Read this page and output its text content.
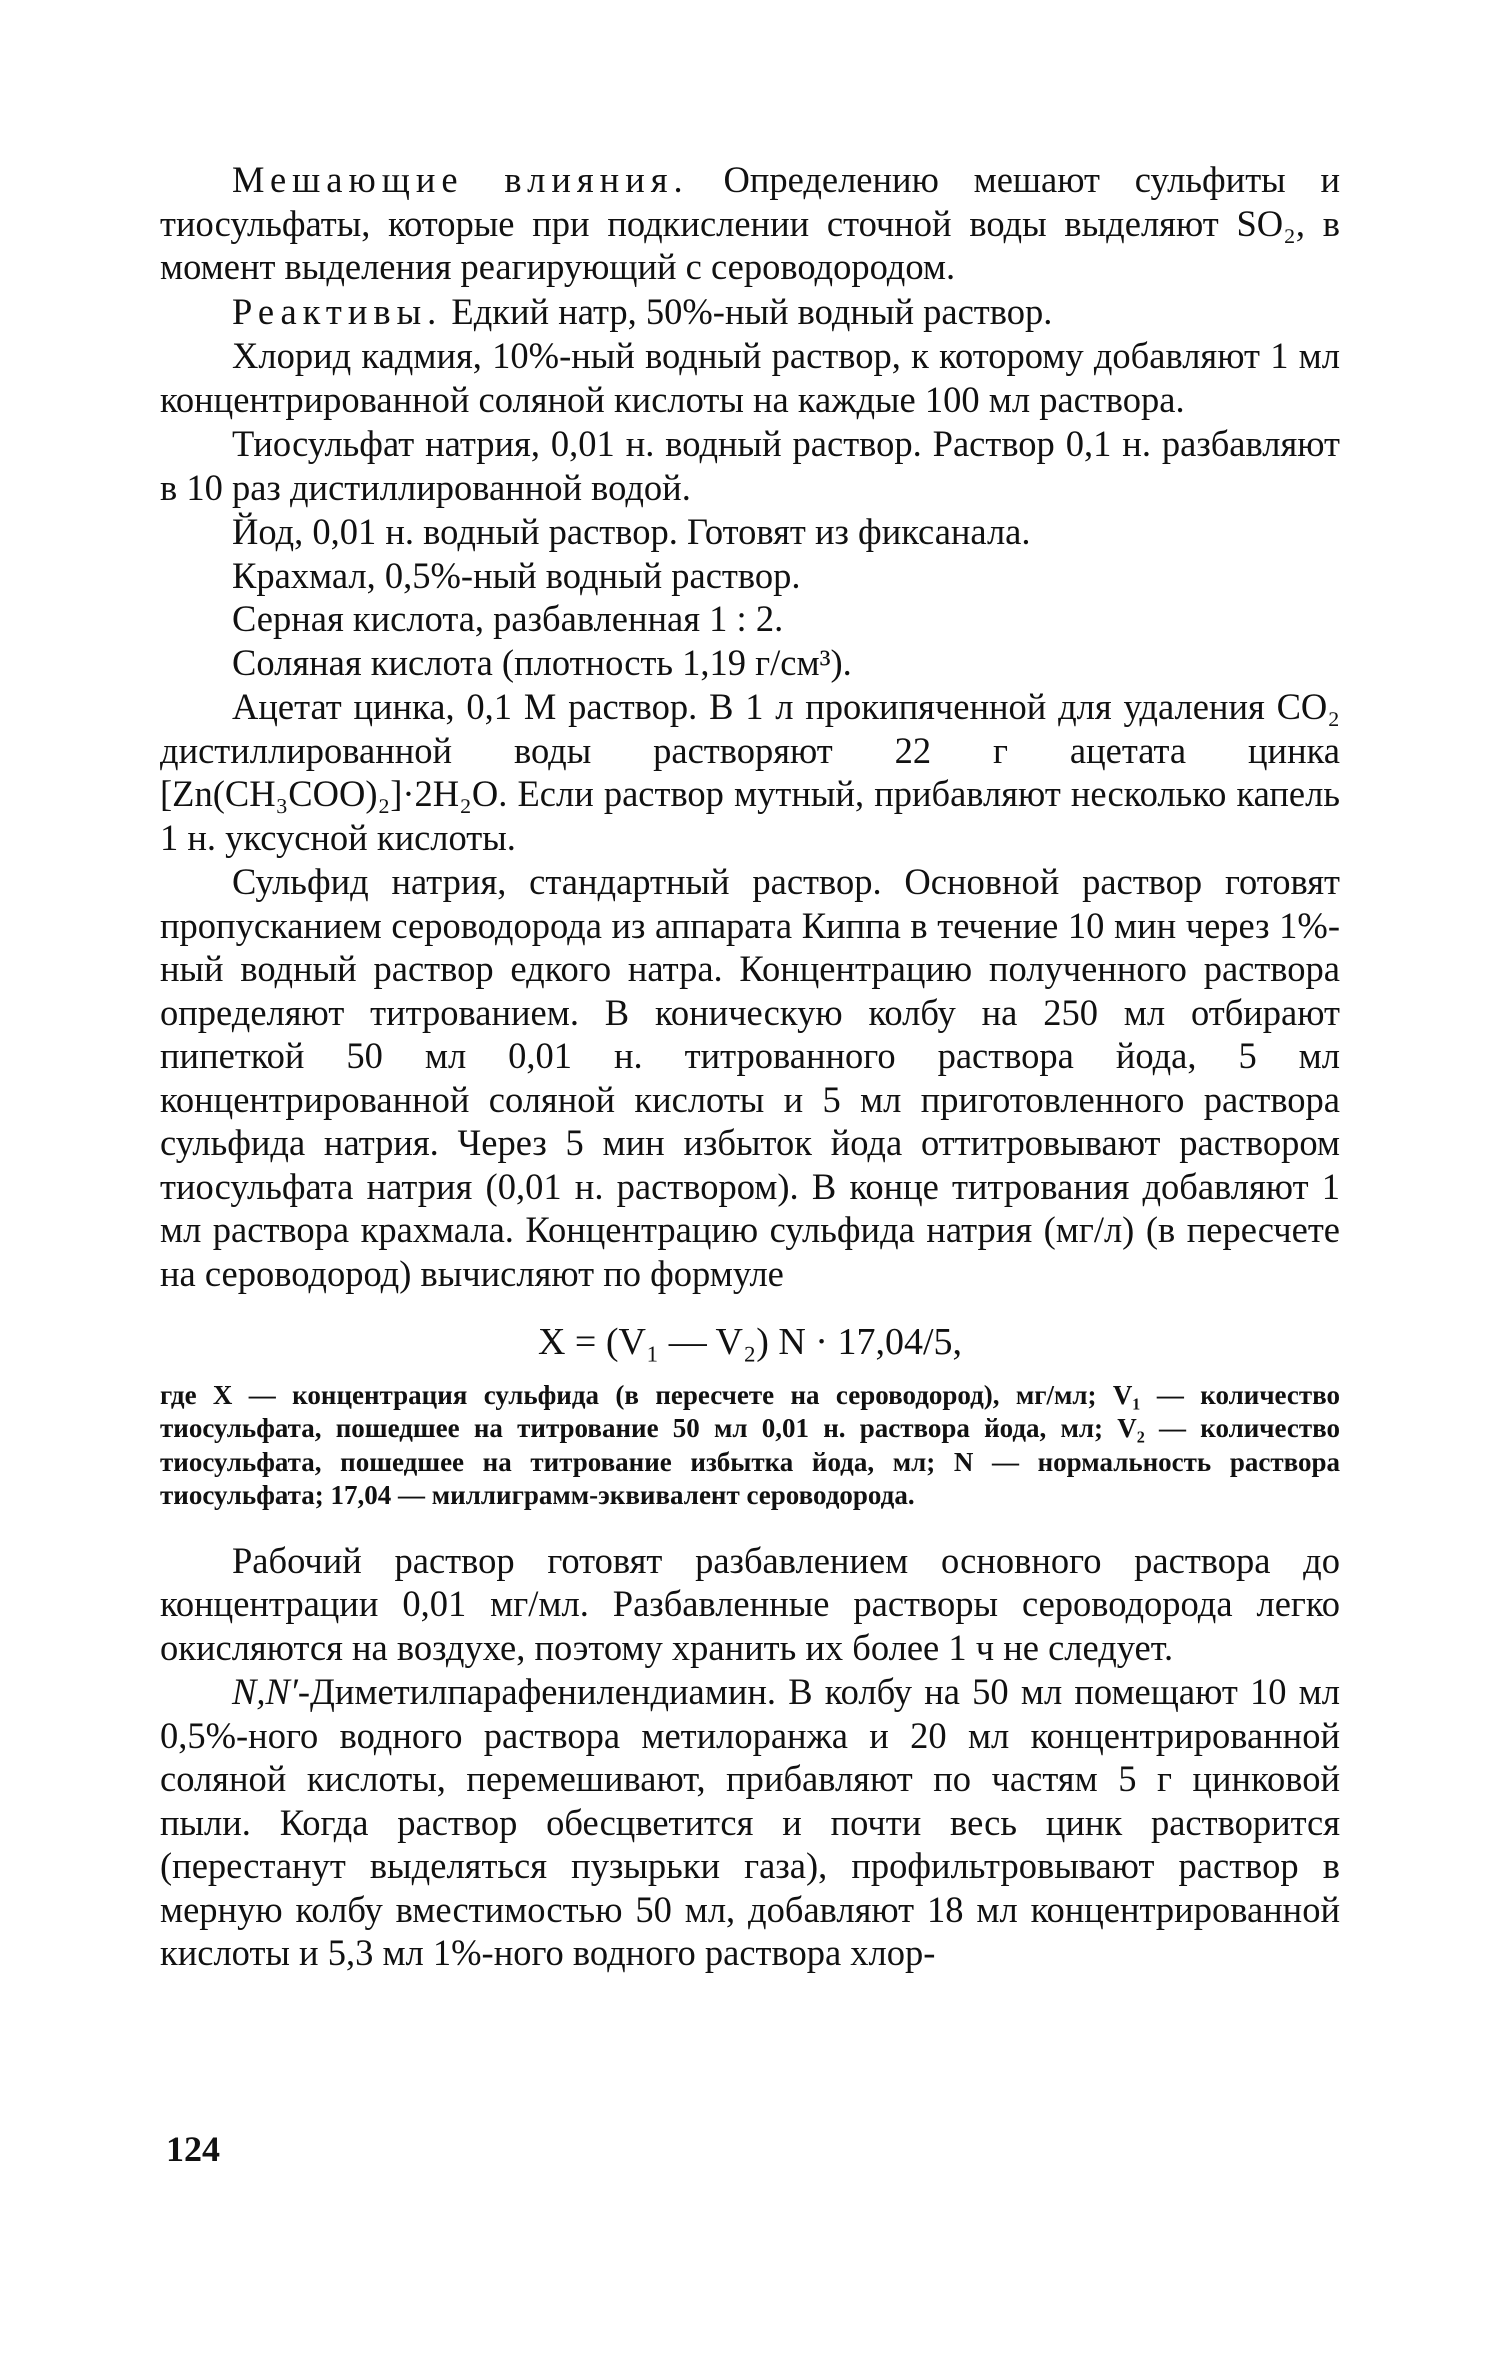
Мешающие влияния. Определению мешают сульфиты и тиосульфаты, которые при подкислении сточной воды выделяют SO₂, в момент выделения реагирующий с сероводородом.

Реактивы. Едкий натр, 50%-ный водный раствор.

Хлорид кадмия, 10%-ный водный раствор, к которому добавляют 1 мл концентрированной соляной кислоты на каждые 100 мл раствора.

Тиосульфат натрия, 0,01 н. водный раствор. Раствор 0,1 н. разбавляют в 10 раз дистиллированной водой.

Йод, 0,01 н. водный раствор. Готовят из фиксанала.

Крахмал, 0,5%-ный водный раствор.

Серная кислота, разбавленная 1 : 2.

Соляная кислота (плотность 1,19 г/см³).

Ацетат цинка, 0,1 М раствор. В 1 л прокипяченной для удаления CO₂ дистиллированной воды растворяют 22 г ацетата цинка [Zn(CH₃COO)₂]·2H₂O. Если раствор мутный, прибавляют несколько капель 1 н. уксусной кислоты.

Сульфид натрия, стандартный раствор. Основной раствор готовят пропусканием сероводорода из аппарата Киппа в течение 10 мин через 1%-ный водный раствор едкого натра. Концентрацию полученного раствора определяют титрованием. В коническую колбу на 250 мл отбирают пипеткой 50 мл 0,01 н. титрованного раствора йода, 5 мл концентрированной соляной кислоты и 5 мл приготовленного раствора сульфида натрия. Через 5 мин избыток йода оттитровывают раствором тиосульфата натрия (0,01 н. раствором). В конце титрования добавляют 1 мл раствора крахмала. Концентрацию сульфида натрия (мг/л) (в пересчете на сероводород) вычисляют по формуле

X = (V₁ — V₂) N · 17,04/5,

где X — концентрация сульфида (в пересчете на сероводород), мг/мл; V₁ — количество тиосульфата, пошедшее на титрование 50 мл 0,01 н. раствора йода, мл; V₂ — количество тиосульфата, пошедшее на титрование избытка йода, мл; N — нормальность раствора тиосульфата; 17,04 — миллиграмм-эквивалент сероводорода.

Рабочий раствор готовят разбавлением основного раствора до концентрации 0,01 мг/мл. Разбавленные растворы сероводорода легко окисляются на воздухе, поэтому хранить их более 1 ч не следует.

N,N′-Диметилпарафенилендиамин. В колбу на 50 мл помещают 10 мл 0,5%-ного водного раствора метилоранжа и 20 мл концентрированной соляной кислоты, перемешивают, прибавляют по частям 5 г цинковой пыли. Когда раствор обесцветится и почти весь цинк растворится (перестанут выделяться пузырьки газа), профильтровывают раствор в мерную колбу вместимостью 50 мл, добавляют 18 мл концентрированной кислоты и 5,3 мл 1%-ного водного раствора хлор-

124
